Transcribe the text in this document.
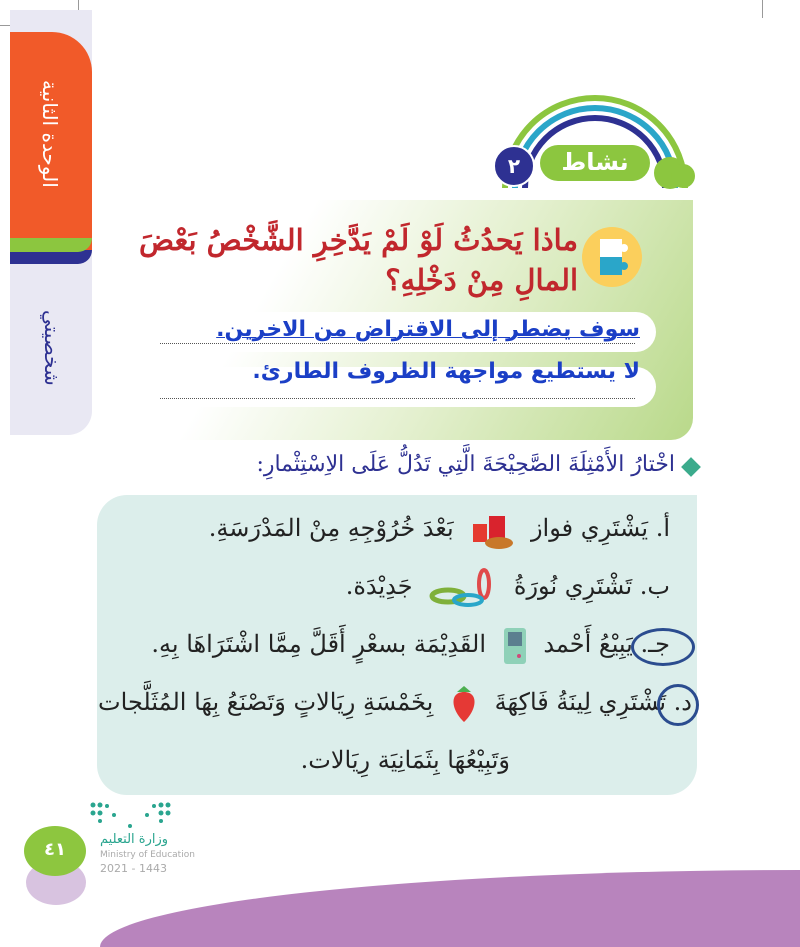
الوحدة الثانية
شخصيتي
نشاط
٢
ماذا يَحدُثُ لَوْ لَمْ يَدَّخِرِ الشَّخْصُ بَعْضَ
المالِ مِنْ دَخْلِهِ؟
سوف يضطر إلى الاقتراض من الاخرين.
لا يستطيع مواجهة الظروف الطارئ.
اخْتارُ الأَمْثِلَةَ الصَّحِيْحَةَ الَّتِي تَدُلُّ عَلَى الاِسْتِثْمارِ:
أ. يَشْتَرِي فواز  بَعْدَ خُرُوْجِهِ مِنْ المَدْرَسَةِ.
ب. تَشْتَرِي نُورَةُ  جَدِيْدَة.
جـ. يَبِيْعُ أَحْمد  القَدِيْمَة بسعْرٍ أَقَلَّ مِمَّا اشْتَرَاهَا بِهِ.
د. تَشْتَرِي لِينَةُ فَاكِهَةَ  بِخَمْسَةِ رِيَالاتٍ وَتَصْنَعُ بِهَا المُثَلَّجات
وَتَبِيْعُهَا بِثَمَانِيَة رِيَالات.
٤١	وزارة التعليم
Ministry of Education
2021 - 1443
